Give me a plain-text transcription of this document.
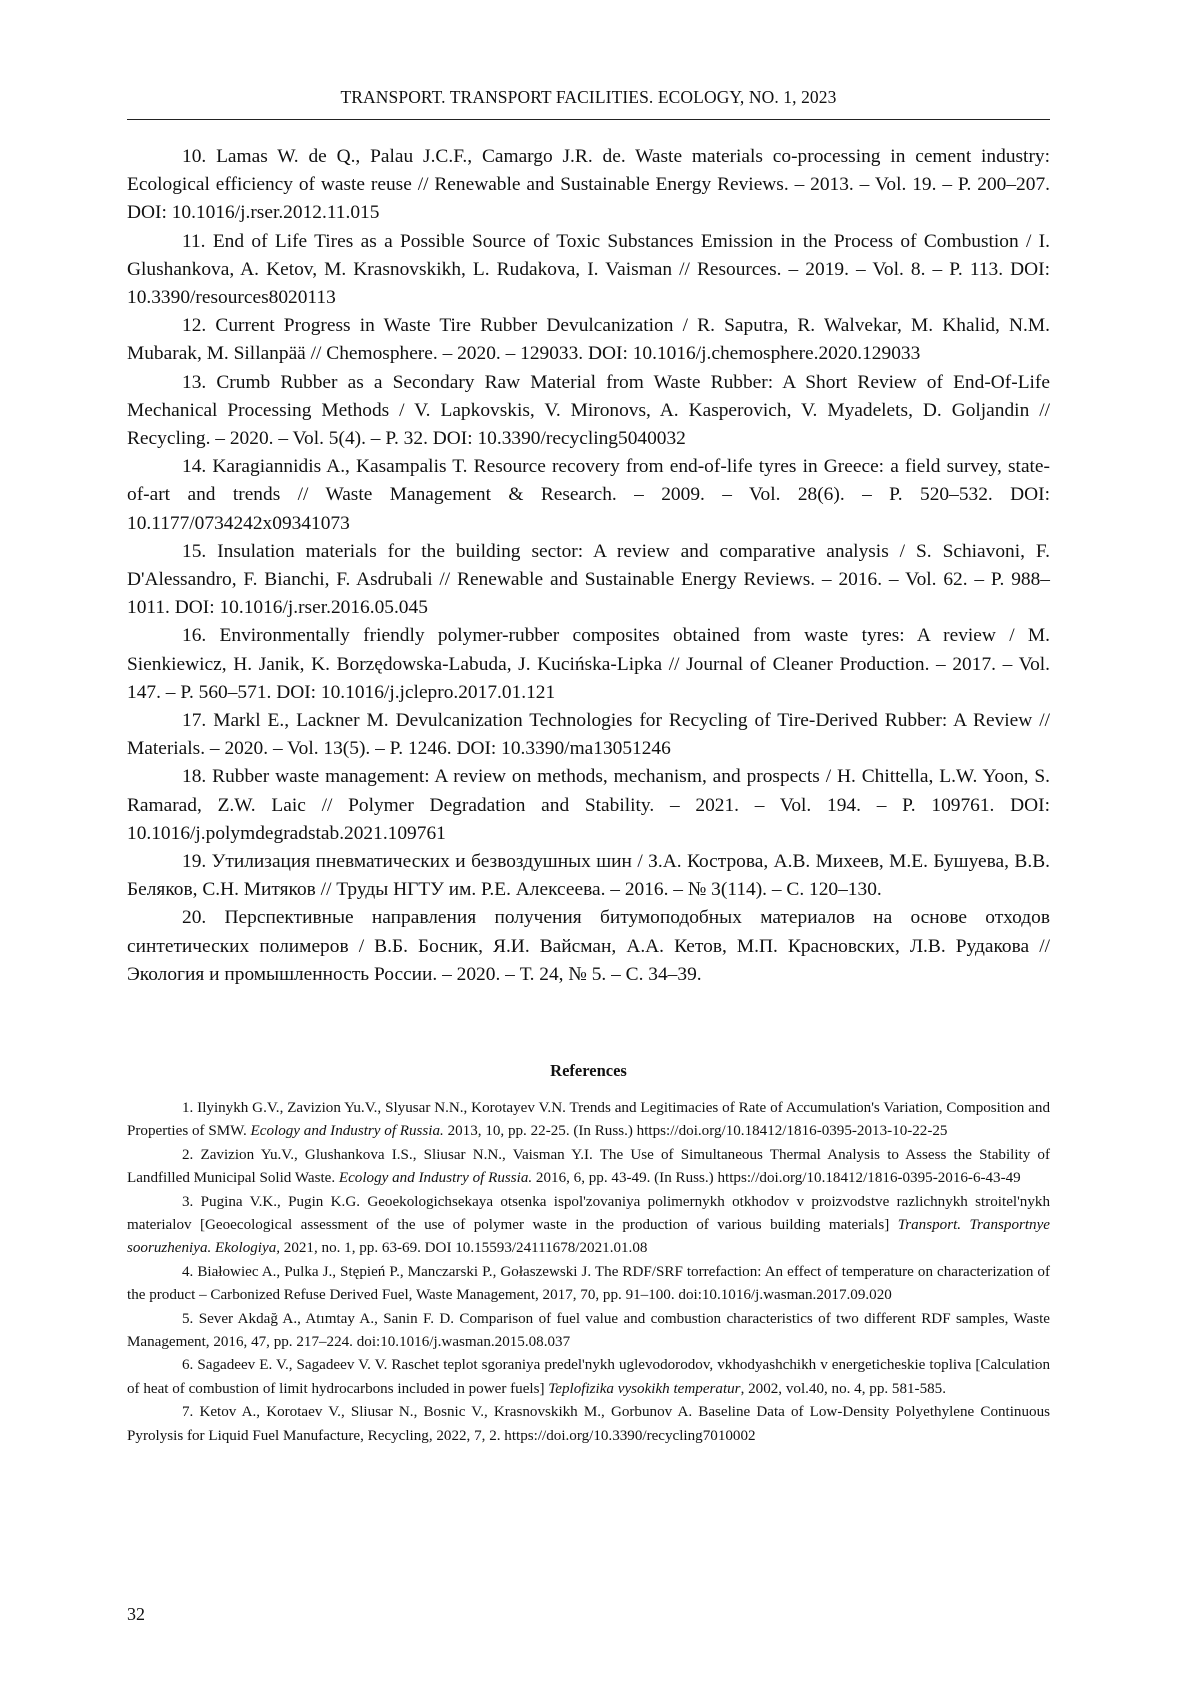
TRANSPORT. TRANSPORT FACILITIES. ECOLOGY, NO. 1, 2023

10. Lamas W. de Q., Palau J.C.F., Camargo J.R. de. Waste materials co-processing in cement industry: Ecological efficiency of waste reuse // Renewable and Sustainable Energy Reviews. – 2013. – Vol. 19. – P. 200–207. DOI: 10.1016/j.rser.2012.11.015

11. End of Life Tires as a Possible Source of Toxic Substances Emission in the Process of Combustion / I. Glushankova, A. Ketov, M. Krasnovskikh, L. Rudakova, I. Vaisman // Resources. – 2019. – Vol. 8. – P. 113. DOI: 10.3390/resources8020113

12. Current Progress in Waste Tire Rubber Devulcanization / R. Saputra, R. Walvekar, M. Khalid, N.M. Mubarak, M. Sillanpää // Chemosphere. – 2020. – 129033. DOI: 10.1016/j.chemosphere.2020.129033

13. Crumb Rubber as a Secondary Raw Material from Waste Rubber: A Short Review of End-Of-Life Mechanical Processing Methods / V. Lapkovskis, V. Mironovs, A. Kasperovich, V. Myadelets, D. Goljandin // Recycling. – 2020. – Vol. 5(4). – P. 32. DOI: 10.3390/recycling5040032

14. Karagiannidis A., Kasampalis T. Resource recovery from end-of-life tyres in Greece: a field survey, state-of-art and trends // Waste Management & Research. – 2009. – Vol. 28(6). – P. 520–532. DOI: 10.1177/0734242x09341073

15. Insulation materials for the building sector: A review and comparative analysis / S. Schiavoni, F. D'Alessandro, F. Bianchi, F. Asdrubali // Renewable and Sustainable Energy Reviews. – 2016. – Vol. 62. – P. 988–1011. DOI: 10.1016/j.rser.2016.05.045

16. Environmentally friendly polymer-rubber composites obtained from waste tyres: A review / M. Sienkiewicz, H. Janik, K. Borzędowska-Labuda, J. Kucińska-Lipka // Journal of Cleaner Production. – 2017. – Vol. 147. – P. 560–571. DOI: 10.1016/j.jclepro.2017.01.121

17. Markl E., Lackner M. Devulcanization Technologies for Recycling of Tire-Derived Rubber: A Review // Materials. – 2020. – Vol. 13(5). – P. 1246. DOI: 10.3390/ma13051246

18. Rubber waste management: A review on methods, mechanism, and prospects / H. Chittella, L.W. Yoon, S. Ramarad, Z.W. Laic // Polymer Degradation and Stability. – 2021. – Vol. 194. – P. 109761. DOI: 10.1016/j.polymdegradstab.2021.109761

19. Утилизация пневматических и безвоздушных шин / З.А. Кострова, А.В. Михеев, М.Е. Бушуева, В.В. Беляков, С.Н. Митяков // Труды НГТУ им. Р.Е. Алексеева. – 2016. – № 3(114). – С. 120–130.

20. Перспективные направления получения битумоподобных материалов на основе отходов синтетических полимеров / В.Б. Босник, Я.И. Вайсман, А.А. Кетов, М.П. Красновских, Л.В. Рудакова // Экология и промышленность России. – 2020. – Т. 24, № 5. – С. 34–39.

References

1. Ilyinykh G.V., Zavizion Yu.V., Slyusar N.N., Korotayev V.N. Trends and Legitimacies of Rate of Accumulation's Variation, Composition and Properties of SMW. Ecology and Industry of Russia. 2013, 10, pp. 22-25. (In Russ.) https://doi.org/10.18412/1816-0395-2013-10-22-25

2. Zavizion Yu.V., Glushankova I.S., Sliusar N.N., Vaisman Y.I. The Use of Simultaneous Thermal Analysis to Assess the Stability of Landfilled Municipal Solid Waste. Ecology and Industry of Russia. 2016, 6, pp. 43-49. (In Russ.) https://doi.org/10.18412/1816-0395-2016-6-43-49

3. Pugina V.K., Pugin K.G. Geoekologichsekaya otsenka ispol'zovaniya polimernykh otkhodov v proizvodstve razlichnykh stroitel'nykh materialov [Geoecological assessment of the use of polymer waste in the production of various building materials] Transport. Transportnye sooruzheniya. Ekologiya, 2021, no. 1, pp. 63-69. DOI 10.15593/24111678/2021.01.08

4. Białowiec A., Pulka J., Stępień P., Manczarski P., Gołaszewski J. The RDF/SRF torrefaction: An effect of temperature on characterization of the product – Carbonized Refuse Derived Fuel, Waste Management, 2017, 70, pp. 91–100. doi:10.1016/j.wasman.2017.09.020

5. Sever Akdağ A., Atımtay A., Sanin F. D. Comparison of fuel value and combustion characteristics of two different RDF samples, Waste Management, 2016, 47, pp. 217–224. doi:10.1016/j.wasman.2015.08.037

6. Sagadeev E. V., Sagadeev V. V. Raschet teplot sgoraniya predel'nykh uglevodorodov, vkhodyashchikh v energeticheskie topliva [Calculation of heat of combustion of limit hydrocarbons included in power fuels] Teplofizika vysokikh temperatur, 2002, vol.40, no. 4, pp. 581-585.

7. Ketov A., Korotaev V., Sliusar N., Bosnic V., Krasnovskikh M., Gorbunov A. Baseline Data of Low-Density Polyethylene Continuous Pyrolysis for Liquid Fuel Manufacture, Recycling, 2022, 7, 2. https://doi.org/10.3390/recycling7010002

32
